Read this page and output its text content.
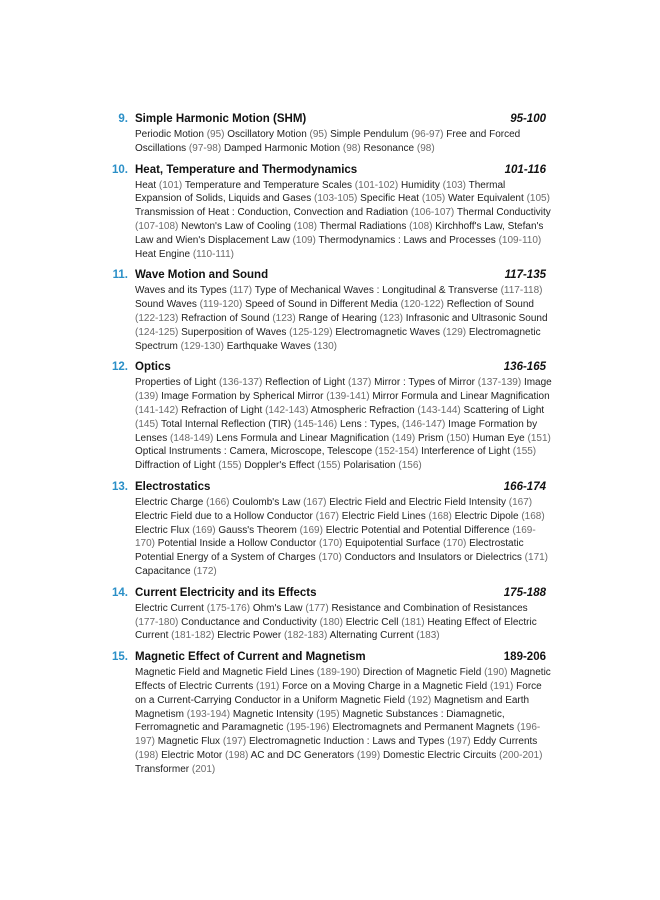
9. Simple Harmonic Motion (SHM)	95-100
Periodic Motion (95) Oscillatory Motion (95) Simple Pendulum (96-97) Free and Forced Oscillations (97-98) Damped Harmonic Motion (98) Resonance (98)
10. Heat, Temperature and Thermodynamics	101-116
Heat (101) Temperature and Temperature Scales (101-102) Humidity (103) Thermal Expansion of Solids, Liquids and Gases (103-105) Specific Heat (105) Water Equivalent (105) Transmission of Heat : Conduction, Convection and Radiation (106-107) Thermal Conductivity (107-108) Newton's Law of Cooling (108) Thermal Radiations (108) Kirchhoff's Law, Stefan's Law and Wien's Displacement Law (109) Thermodynamics : Laws and Processes (109-110) Heat Engine (110-111)
11. Wave Motion and Sound	117-135
Waves and its Types (117) Type of Mechanical Waves : Longitudinal & Transverse (117-118) Sound Waves (119-120) Speed of Sound in Different Media (120-122) Reflection of Sound (122-123) Refraction of Sound (123) Range of Hearing (123) Infrasonic and Ultrasonic Sound (124-125) Superposition of Waves (125-129) Electromagnetic Waves (129) Electromagnetic Spectrum (129-130) Earthquake Waves (130)
12. Optics	136-165
Properties of Light (136-137) Reflection of Light (137) Mirror : Types of Mirror (137-139) Image (139) Image Formation by Spherical Mirror (139-141) Mirror Formula and Linear Magnification (141-142) Refraction of Light (142-143) Atmospheric Refraction (143-144) Scattering of Light (145) Total Internal Reflection (TIR) (145-146) Lens : Types, (146-147) Image Formation by Lenses (148-149) Lens Formula and Linear Magnification (149) Prism (150) Human Eye (151) Optical Instruments : Camera, Microscope, Telescope (152-154) Interference of Light (155) Diffraction of Light (155) Doppler's Effect (155) Polarisation (156)
13. Electrostatics	166-174
Electric Charge (166) Coulomb's Law (167) Electric Field and Electric Field Intensity (167) Electric Field due to a Hollow Conductor (167) Electric Field Lines (168) Electric Dipole (168) Electric Flux (169) Gauss's Theorem (169) Electric Potential and Potential Difference (169-170) Potential Inside a Hollow Conductor (170) Equipotential Surface (170) Electrostatic Potential Energy of a System of Charges (170) Conductors and Insulators or Dielectrics (171) Capacitance (172)
14. Current Electricity and its Effects	175-188
Electric Current (175-176) Ohm's Law (177) Resistance and Combination of Resistances (177-180) Conductance and Conductivity (180) Electric Cell (181) Heating Effect of Electric Current (181-182) Electric Power (182-183) Alternating Current (183)
15. Magnetic Effect of Current and Magnetism	189-206
Magnetic Field and Magnetic Field Lines (189-190) Direction of Magnetic Field (190) Magnetic Effects of Electric Currents (191) Force on a Moving Charge in a Magnetic Field (191) Force on a Current-Carrying Conductor in a Uniform Magnetic Field (192) Magnetism and Earth Magnetism (193-194) Magnetic Intensity (195) Magnetic Substances : Diamagnetic, Ferromagnetic and Paramagnetic (195-196) Electromagnets and Permanent Magnets (196-197) Magnetic Flux (197) Electromagnetic Induction : Laws and Types (197) Eddy Currents (198) Electric Motor (198) AC and DC Generators (199) Domestic Electric Circuits (200-201) Transformer (201)
